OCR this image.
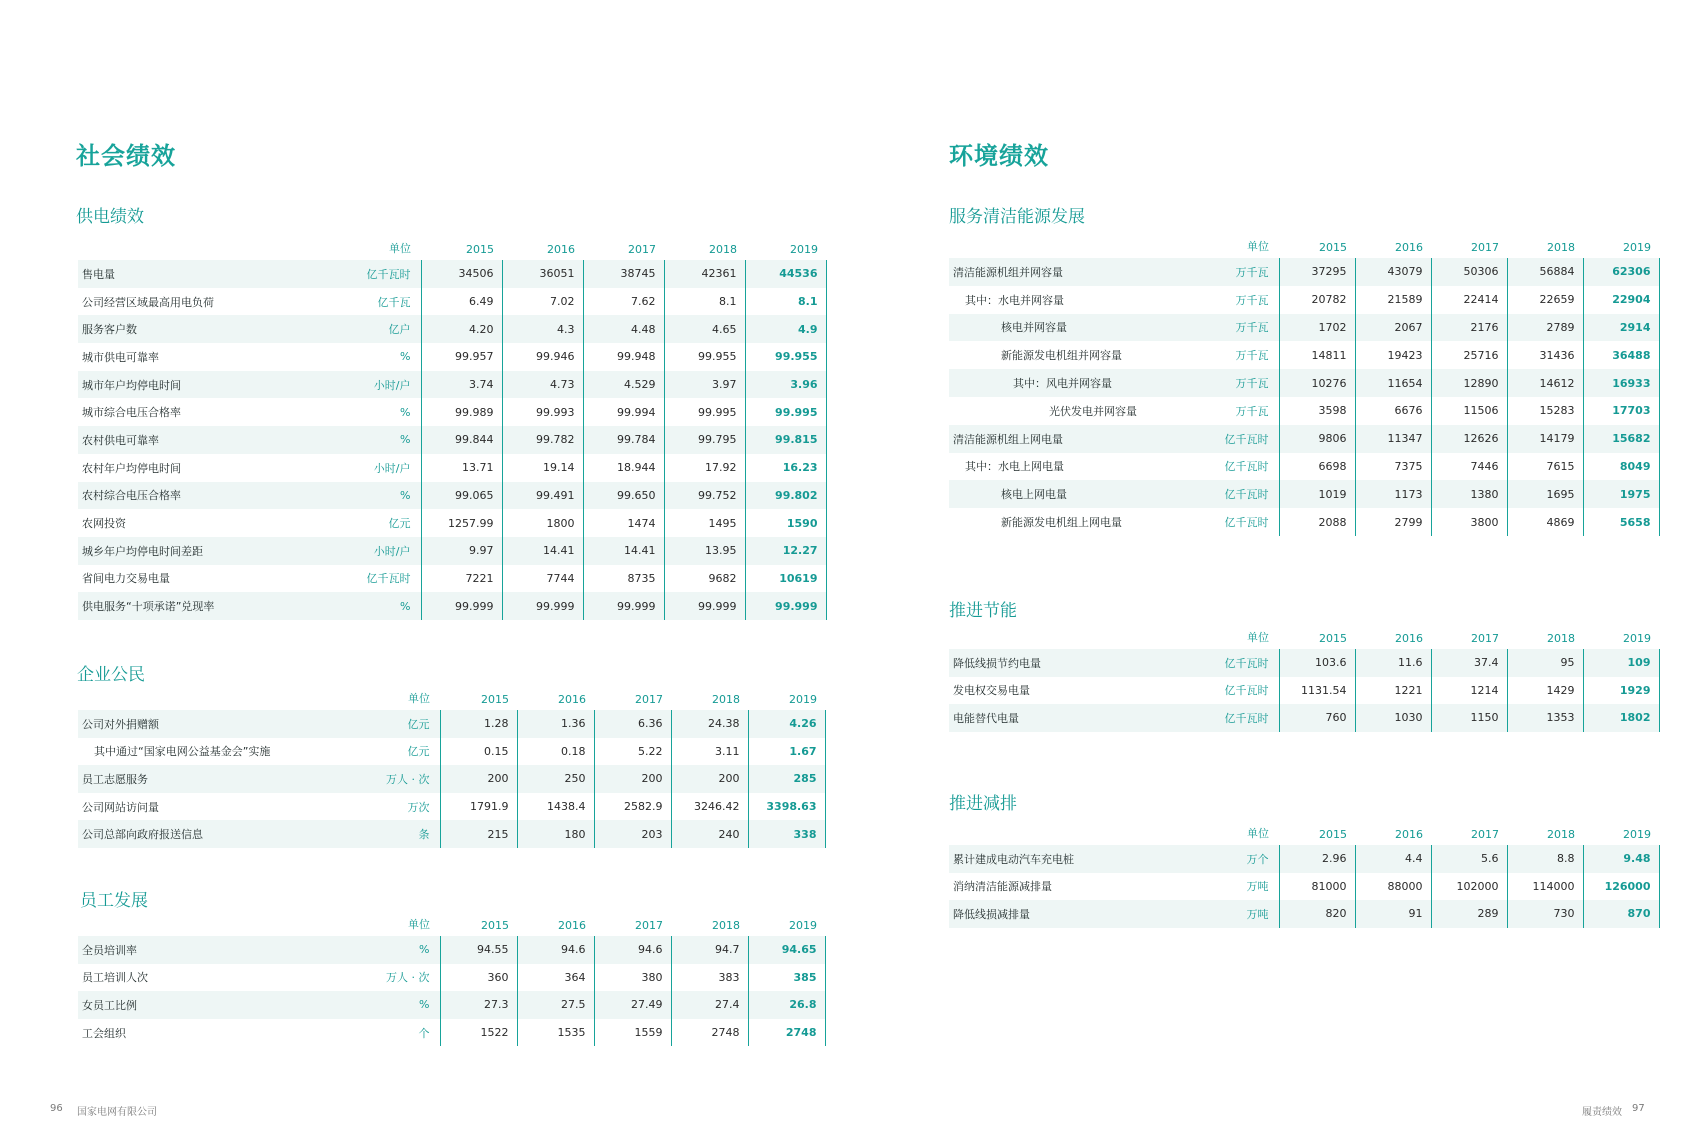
社会绩效	环境绩效
供电绩效
企业公民
员工发展
服务清洁能源发展
推进节能
推进减排
	单位	2015	2016	2017	2018	2019
售电量	亿千瓦时	34506	36051	38745	42361	44536
公司经营区域最高用电负荷	亿千瓦	6.49	7.02	7.62	8.1	8.1
服务客户数	亿户	4.20	4.3	4.48	4.65	4.9
城市供电可靠率	%	99.957	99.946	99.948	99.955	99.955
城市年户均停电时间	小时/户	3.74	4.73	4.529	3.97	3.96
城市综合电压合格率	%	99.989	99.993	99.994	99.995	99.995
农村供电可靠率	%	99.844	99.782	99.784	99.795	99.815
农村年户均停电时间	小时/户	13.71	19.14	18.944	17.92	16.23
农村综合电压合格率	%	99.065	99.491	99.650	99.752	99.802
农网投资	亿元	1257.99	1800	1474	1495	1590
城乡年户均停电时间差距	小时/户	9.97	14.41	14.41	13.95	12.27
省间电力交易电量	亿千瓦时	7221	7744	8735	9682	10619
供电服务“十项承诺”兑现率	%	99.999	99.999	99.999	99.999	99.999
	单位	2015	2016	2017	2018	2019
公司对外捐赠额	亿元	1.28	1.36	6.36	24.38	4.26
其中通过“国家电网公益基金会”实施	亿元	0.15	0.18	5.22	3.11	1.67
员工志愿服务	万人 · 次	200	250	200	200	285
公司网站访问量	万次	1791.9	1438.4	2582.9	3246.42	3398.63
公司总部向政府报送信息	条	215	180	203	240	338
	单位	2015	2016	2017	2018	2019
全员培训率	%	94.55	94.6	94.6	94.7	94.65
员工培训人次	万人 · 次	360	364	380	383	385
女员工比例	%	27.3	27.5	27.49	27.4	26.8
工会组织	个	1522	1535	1559	2748	2748
	单位	2015	2016	2017	2018	2019
清洁能源机组并网容量	万千瓦	37295	43079	50306	56884	62306
其中：水电并网容量	万千瓦	20782	21589	22414	22659	22904
核电并网容量	万千瓦	1702	2067	2176	2789	2914
新能源发电机组并网容量	万千瓦	14811	19423	25716	31436	36488
其中：风电并网容量	万千瓦	10276	11654	12890	14612	16933
光伏发电并网容量	万千瓦	3598	6676	11506	15283	17703
清洁能源机组上网电量	亿千瓦时	9806	11347	12626	14179	15682
其中：水电上网电量	亿千瓦时	6698	7375	7446	7615	8049
核电上网电量	亿千瓦时	1019	1173	1380	1695	1975
新能源发电机组上网电量	亿千瓦时	2088	2799	3800	4869	5658
	单位	2015	2016	2017	2018	2019
降低线损节约电量	亿千瓦时	103.6	11.6	37.4	95	109
发电权交易电量	亿千瓦时	1131.54	1221	1214	1429	1929
电能替代电量	亿千瓦时	760	1030	1150	1353	1802
	单位	2015	2016	2017	2018	2019
累计建成电动汽车充电桩	万个	2.96	4.4	5.6	8.8	9.48
消纳清洁能源减排量	万吨	81000	88000	102000	114000	126000
降低线损减排量	万吨	820	91	289	730	870
96 国家电网有限公司	履责绩效 97
